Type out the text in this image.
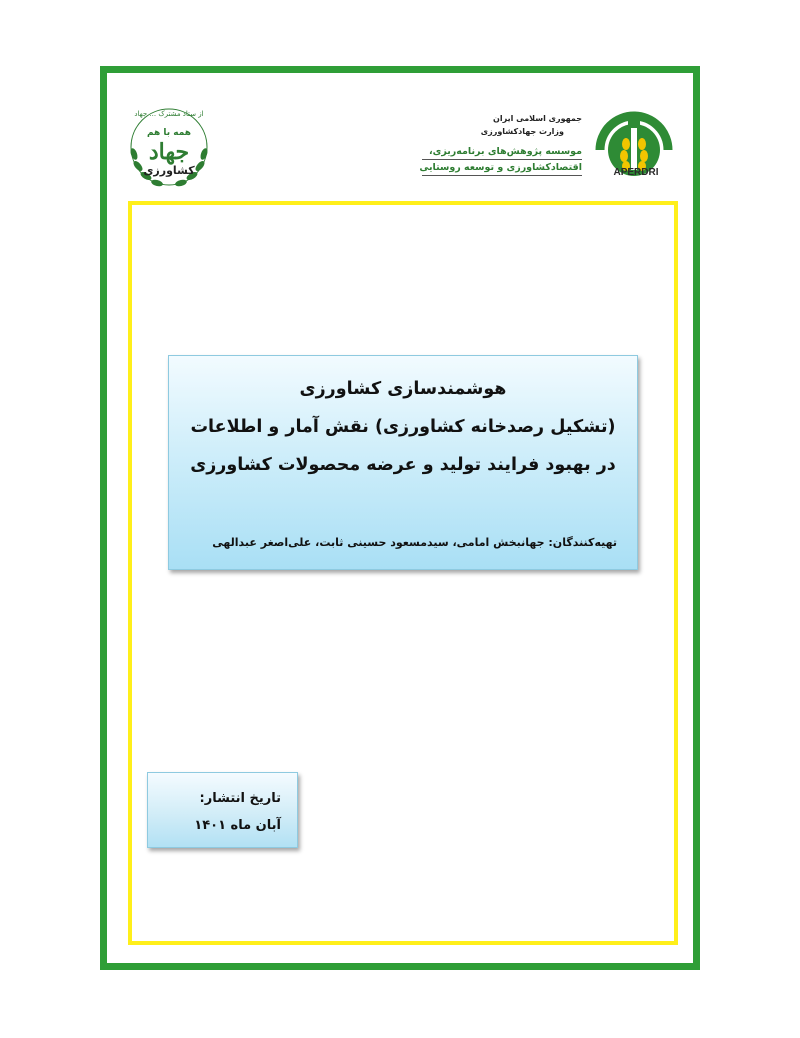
از ستاد مشترک ... جهاد
همه با هم
جهاد
کشاورزی	APERDRI
جمهوری اسلامی ایران
وزارت جهادکشاورزی
موسسه پژوهش‌های برنامه‌ریزی،
اقتصادکشاورزی و توسعه روستایی
هوشمندسازی کشاورزی
(تشکیل رصدخانه کشاورزی) نقش آمار و اطلاعات
در بهبود فرایند تولید و عرضه محصولات کشاورزی
تهیه‌کنندگان: جهانبخش امامی، سیدمسعود حسینی ثابت، علی‌اصغر عبدالهی
تاریخ انتشار:
آبان ماه ۱۴۰۱
